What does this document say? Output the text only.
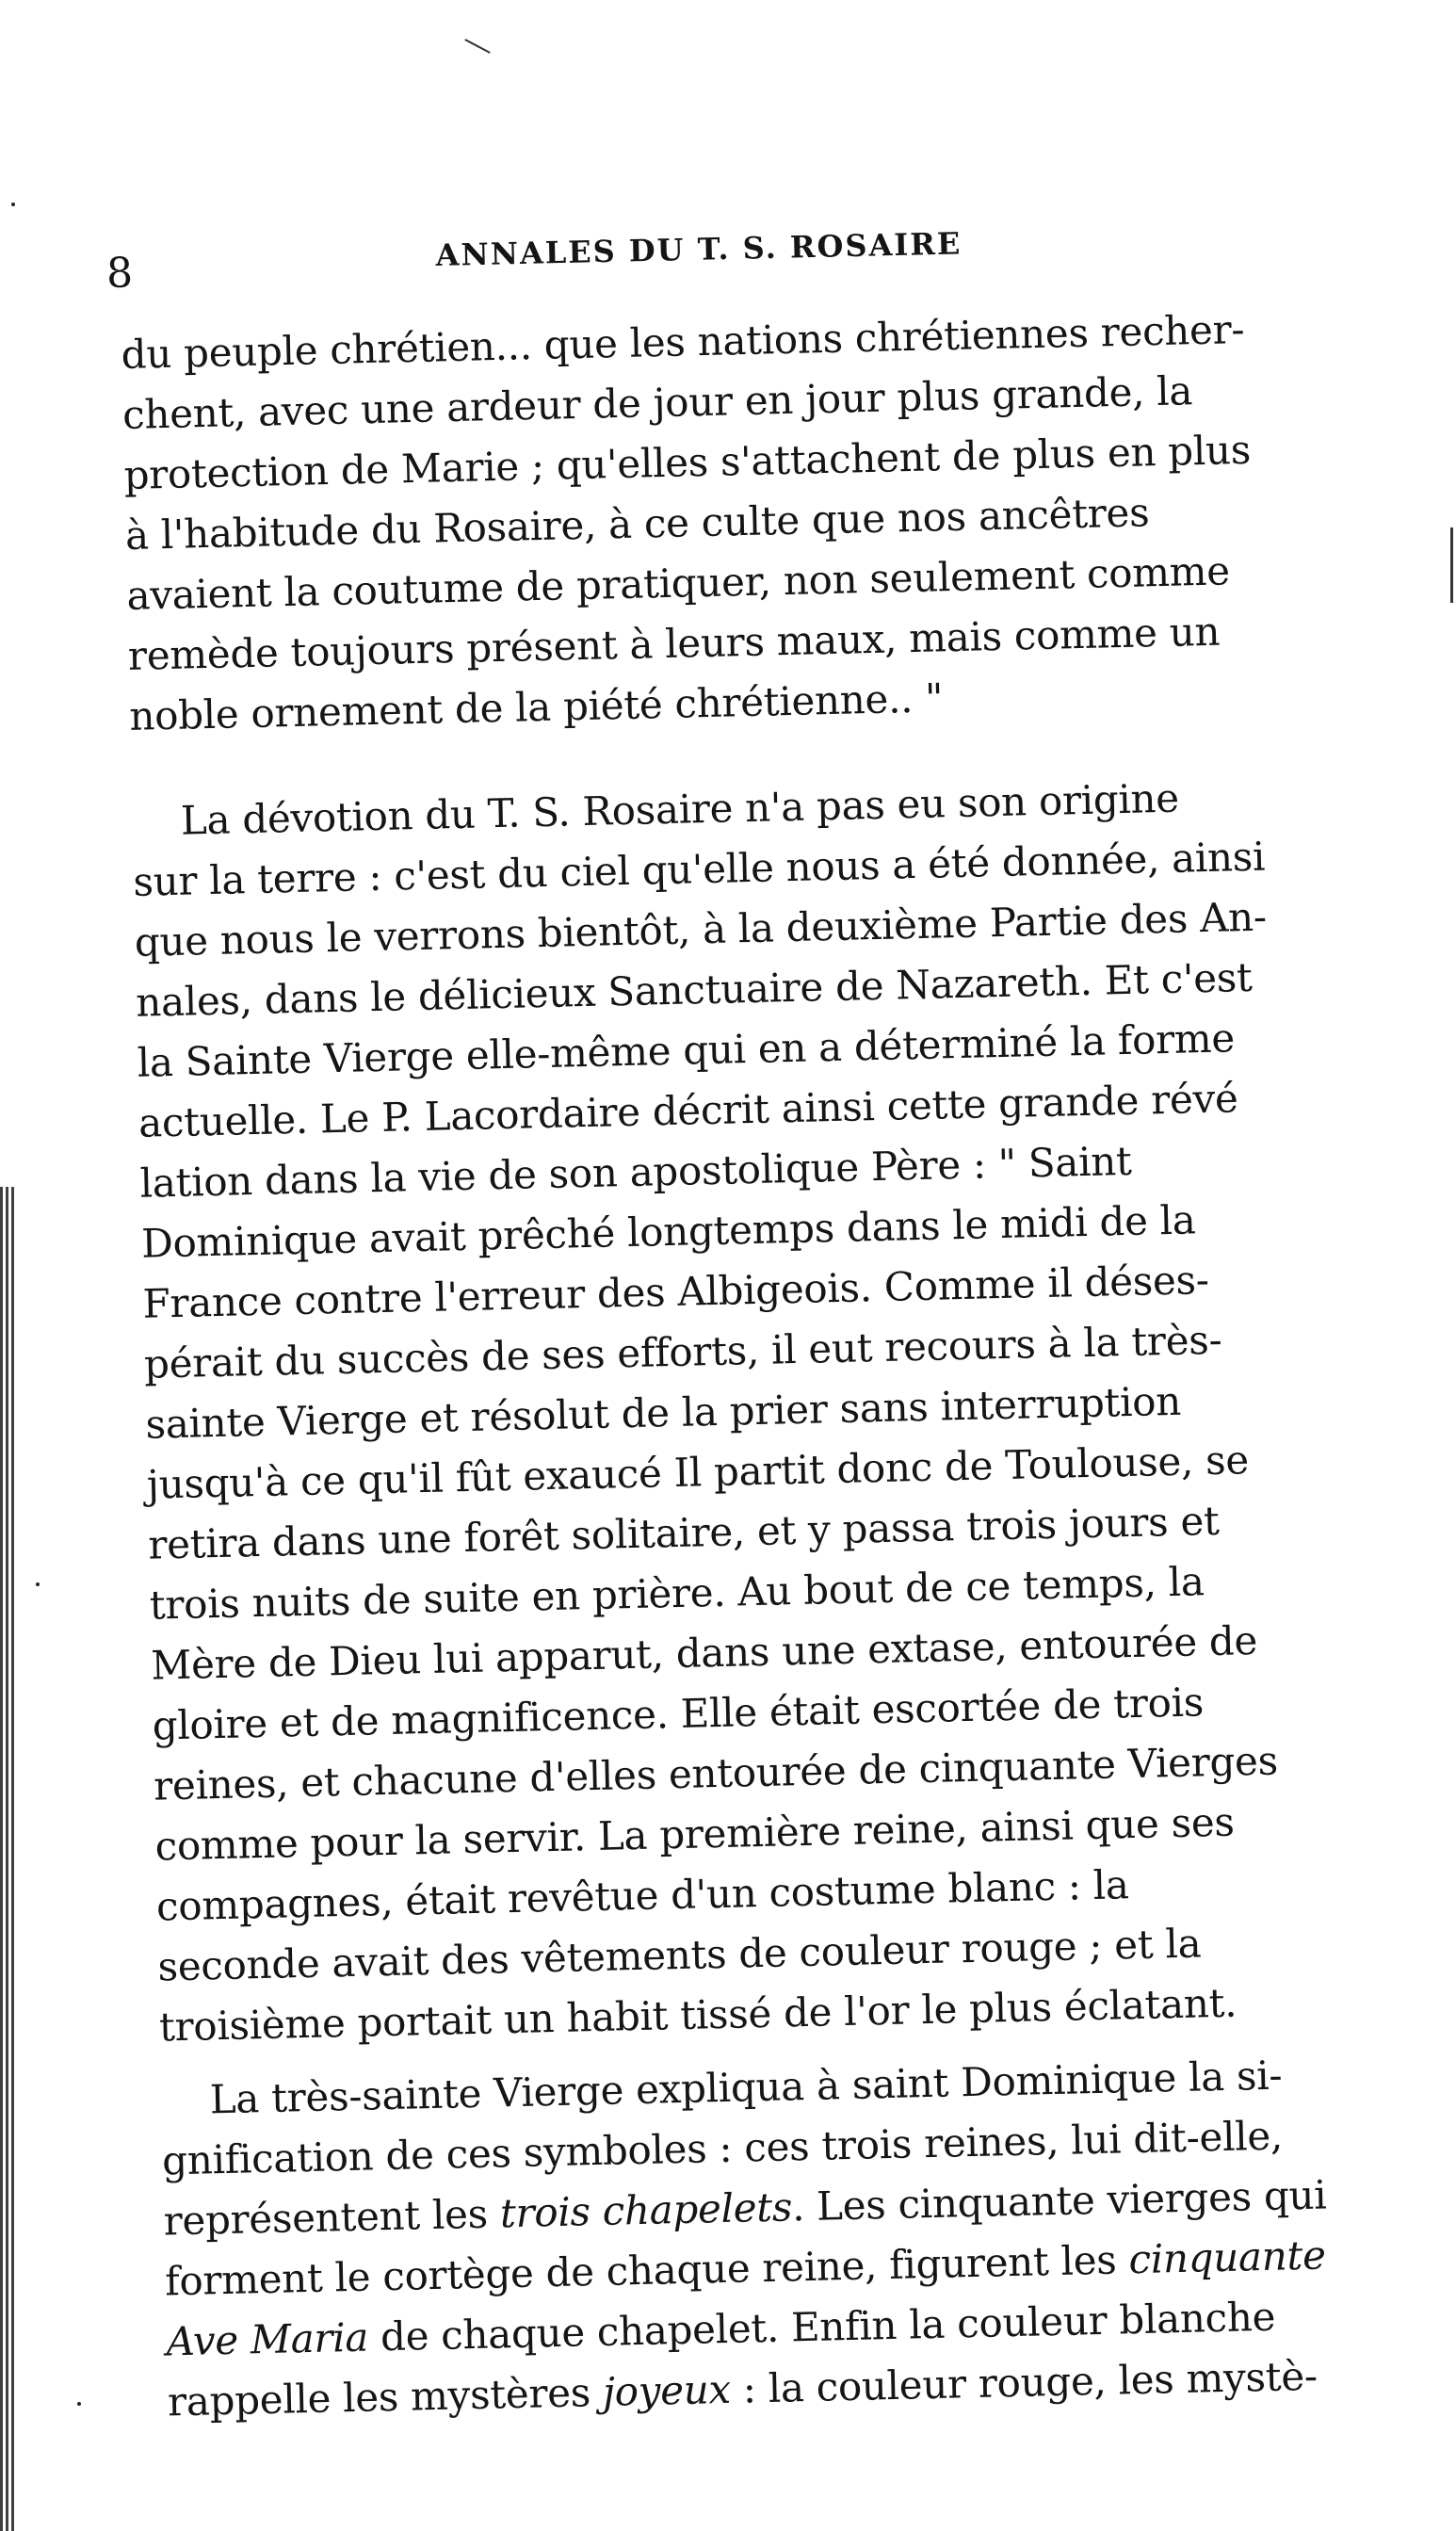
8	ANNALES DU T. S. ROSAIRE
du peuple chrétien... que les nations chrétiennes recher-
chent, avec une ardeur de jour en jour plus grande, la
protection de Marie ; qu'elles s'attachent de plus en plus
à l'habitude du Rosaire, à ce culte que nos ancêtres
avaient la coutume de pratiquer, non seulement comme
remède toujours présent à leurs maux, mais comme un
noble ornement de la piété chrétienne.. "
La dévotion du T. S. Rosaire n'a pas eu son origine
sur la terre : c'est du ciel qu'elle nous a été donnée, ainsi
que nous le verrons bientôt, à la deuxième Partie des An-
nales, dans le délicieux Sanctuaire de Nazareth. Et c'est
la Sainte Vierge elle-même qui en a déterminé la forme
actuelle. Le P. Lacordaire décrit ainsi cette grande révé
lation dans la vie de son apostolique Père : " Saint
Dominique avait prêché longtemps dans le midi de la
France contre l'erreur des Albigeois. Comme il déses-
pérait du succès de ses efforts, il eut recours à la très-
sainte Vierge et résolut de la prier sans interruption
jusqu'à ce qu'il fût exaucé Il partit donc de Toulouse, se
retira dans une forêt solitaire, et y passa trois jours et
trois nuits de suite en prière. Au bout de ce temps, la
Mère de Dieu lui apparut, dans une extase, entourée de
gloire et de magnificence. Elle était escortée de trois
reines, et chacune d'elles entourée de cinquante Vierges
comme pour la servir. La première reine, ainsi que ses
compagnes, était revêtue d'un costume blanc : la
seconde avait des vêtements de couleur rouge ; et la
troisième portait un habit tissé de l'or le plus éclatant.
La très-sainte Vierge expliqua à saint Dominique la si-
gnification de ces symboles : ces trois reines, lui dit-elle,
représentent les trois chapelets. Les cinquante vierges qui
forment le cortège de chaque reine, figurent les cinquante
Ave Maria de chaque chapelet. Enfin la couleur blanche
rappelle les mystères joyeux : la couleur rouge, les mystè-
